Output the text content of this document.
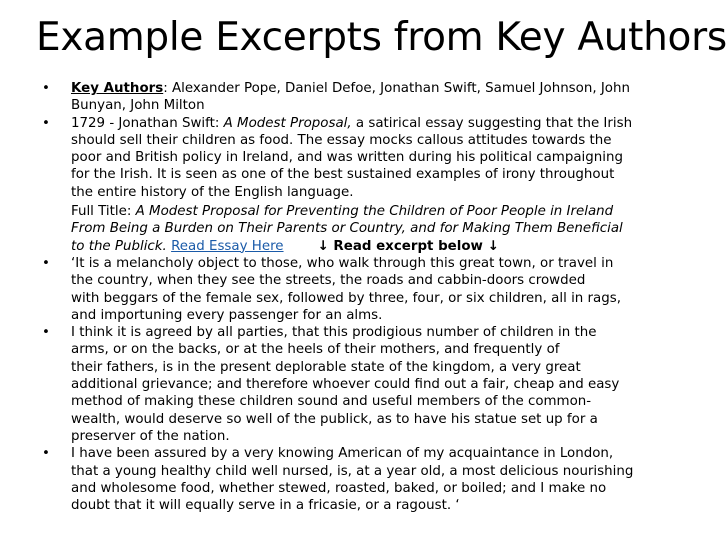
Example Excerpts from Key Authors
• Key Authors: Alexander Pope, Daniel Defoe, Jonathan Swift, Samuel Johnson, John
Bunyan, John Milton
• 1729 - Jonathan Swift: A Modest Proposal, a satirical essay suggesting that the Irish
should sell their children as food. The essay mocks callous attitudes towards the
poor and British policy in Ireland, and was written during his political campaigning
for the Irish. It is seen as one of the best sustained examples of irony throughout
the entire history of the English language.
Full Title: A Modest Proposal for Preventing the Children of Poor People in Ireland
From Being a Burden on Their Parents or Country, and for Making Them Beneficial
to the Publick. Read Essay Here	↓ Read excerpt below ↓
• ‘It is a melancholy object to those, who walk through this great town, or travel in
the country, when they see the streets, the roads and cabbin-doors crowded
with beggars of the female sex, followed by three, four, or six children, all in rags,
and importuning every passenger for an alms.
• I think it is agreed by all parties, that this prodigious number of children in the
arms, or on the backs, or at the heels of their mothers, and frequently of
their fathers, is in the present deplorable state of the kingdom, a very great
additional grievance; and therefore whoever could find out a fair, cheap and easy
method of making these children sound and useful members of the common-
wealth, would deserve so well of the publick, as to have his statue set up for a
preserver of the nation.
• I have been assured by a very knowing American of my acquaintance in London,
that a young healthy child well nursed, is, at a year old, a most delicious nourishing
and wholesome food, whether stewed, roasted, baked, or boiled; and I make no
doubt that it will equally serve in a fricasie, or a ragoust. ‘
